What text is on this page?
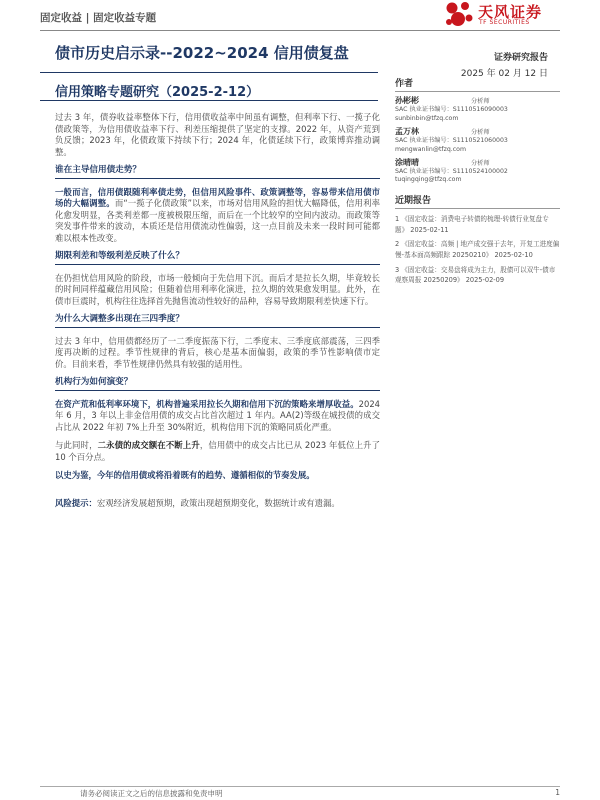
固定收益 | 固定收益专题	天风证券
TF SECURITIES
债市历史启示录--2022~2024 信用债复盘
信用策略专题研究（2025-2-12）
证券研究报告
2025 年 02 月 12 日

过去 3 年，债券收益率整体下行，信用债收益率中间虽有调整，但利率下行、一揽子化债政策等，为信用债收益率下行、利差压缩提供了坚定的支撑。2022 年，从资产荒到负反馈；2023 年，化债政策下持续下行；2024 年，化债延续下行，政策博弈推动调整。

谁在主导信用债走势？

一般而言，信用债跟随利率债走势，但信用风险事件、政策调整等，容易带来信用债市场的大幅调整。而“一揽子化债政策”以来，市场对信用风险的担忧大幅降低，信用利率化愈发明显，各类利差都一度被极限压缩，而后在一个比较窄的空间内波动。而政策等突发事件带来的波动，本质还是信用债流动性偏弱，这一点目前及未来一段时间可能都难以根本性改变。

期限利差和等级利差反映了什么？

在仍担忧信用风险的阶段，市场一般倾向于先信用下沉。而后才是拉长久期，毕竟较长的时间同样蕴藏信用风险；但随着信用利率化演进，拉久期的效果愈发明显。此外，在债市巨震时，机构往往选择首先抛售流动性较好的品种，容易导致期限利差快速下行。

为什么大调整多出现在三四季度？

过去 3 年中，信用债都经历了一二季度振荡下行，二季度末、三季度底部震荡，三四季度再决断的过程。季节性规律的背后，核心是基本面偏弱，政策的季节性影响债市定价。目前来看，季节性规律仍然具有较强的适用性。

机构行为如何演变？

在资产荒和低利率环境下，机构普遍采用拉长久期和信用下沉的策略来增厚收益。2024 年 6 月，3 年以上非金信用债的成交占比首次超过 1 年内。AA(2)等级在城投债的成交占比从 2022 年初 7%上升至 30%附近，机构信用下沉的策略同质化严重。

与此同时，二永债的成交额在不断上升，信用债中的成交占比已从 2023 年低位上升了 10 个百分点。

以史为鉴，今年的信用债或将沿着既有的趋势、遵循相似的节奏发展。

风险提示：宏观经济发展超预期，政策出现超预期变化，数据统计或有遗漏。

作者
孙彬彬	分析师
SAC 执业证书编号：S1110516090003
sunbinbin@tfzq.com
孟万林	分析师
SAC 执业证书编号：S1110521060003
mengwanlin@tfzq.com
涂晴晴	分析师
SAC 执业证书编号：S1110524100002
tuqingqing@tfzq.com
近期报告
1 《固定收益：消费电子转债的梳理-转债行业复盘专题》 2025-02-11
2 《固定收益：高频 | 地产成交强于去年，开复工进度偏慢-基本面高频跟踪 20250210》 2025-02-10
3 《固定收益：交易盘将成为主力，股债可以双牛-债市观察周报 20250209》 2025-02-09
请务必阅读正文之后的信息披露和免责申明	1
